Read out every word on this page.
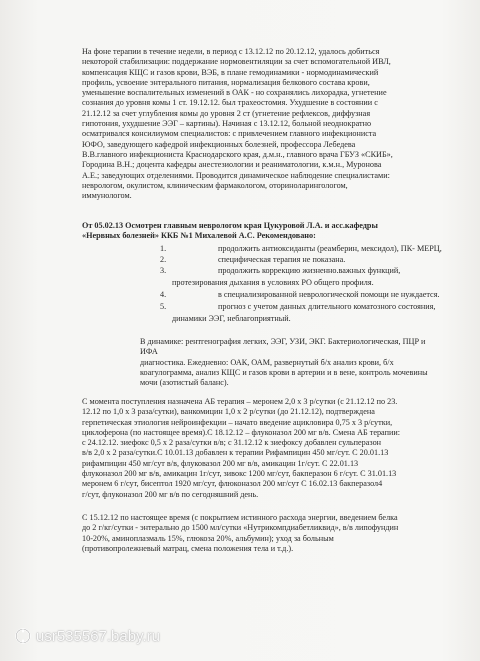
На фоне терапии в течение недели, в период с 13.12.12 по 20.12.12, удалось добиться
некоторой стабилизации: поддержание нормовентиляции за счет вспомогательной ИВЛ,
компенсация КЩС и газов крови, ВЭБ, в плане гемодинамики - нормодинамический
профиль, усвоение энтерального питания, нормализация белкового состава крови,
уменьшение воспалительных изменений в ОАК - но сохранялись лихорадка, угнетение
сознания до уровня комы 1 ст. 19.12.12. был трахеостомия. Ухудшение в состоянии с
21.12.12 за счет углубления комы до уровня 2 ст (угнетение рефлексов, диффузная
гипотония, ухудшение ЭЭГ – картины). Начиная с 13.12.12, больной неоднократно
осматривался консилиумом специалистов: с привлечением главного инфекциониста
ЮФО, заведующего кафедрой инфекционных болезней, профессора Лебедева
В.В.главного инфекциониста Краснодарского края, д.м.н., главного врача ГБУЗ «СКИБ»,
Городина В.Н.; доцента кафедры анестезиологии и реаниматологии, к.м.н., Муронова
А.Е.; заведующих отделениями. Проводится динамическое наблюдение специалистами:
неврологом, окулистом, клиническим фармакологом, оториноларингологом,
иммунологом.
От 05.02.13 Осмотрен главным неврологом края Цукуровой Л.А. и асс.кафедры
«Нервных болезней» ККБ №1 Михалевой А.С. Рекомендовано:
1.	продолжить антиоксиданты (реамберин, мексидол), ПК- МЕРЦ,
2.	специфическая терапия не показана.
3.	продолжить коррекцию жизненно.важных функций,
протезирования дыхания в условиях РО общего профиля.
4.	в специализированной неврологической помощи не нуждается.
5.	прогноз с учетом данных длительного коматозного состояния,
динамики ЭЭГ, неблагоприятный.
В динамике: рентгенография легких, ЭЭГ, УЗИ, ЭКГ. Бактериологическая, ПЦР и
ИФА
диагностика. Ежедневно: ОАК, ОАМ, развернутый б/х анализ крови, б/х
коагулограмма, анализ КЩС и газов крови в артерии и в вене, контроль мочевины
мочи (азотистый баланс).
С момента поступления назначена АБ терапия – меронем 2,0 x 3 р/сутки (с 21.12.12 по 23.
12.12 по 1,0 x 3 раза/сутки), ванкомицин 1,0 x 2 р/сутки (до 21.12.12), подтверждена
герпетическая этиология нейроинфекции – начато введение ацикловира 0,75 x 3 р/сутки,
циклоферона (по настоящее время).С 18.12.12 – флуконазол 200 мг в/в. Смена АБ терапии:
с 24.12.12. зиефокс 0,5 x 2 раза/сутки в/в; с 31.12.12 к зиефоксу добавлен сульперазон
в/в 2,0 x 2 раза/сутки.С 10.01.13 добавлен к терапии Рифампицин 450 мг/сут. С 20.01.13
рифампицин 450 мг/сут в/в, флуковазол 200 мг в/в, амикацин 1г/сут. С 22.01.13
флуконазол 200 мг в/в, амикацин 1г/сут, зивокс 1200 мг/сут, бакперазон 6 г/сут. С 31.01.13
меронем 6 г/сут, бисептол 1920 мг/сут, флюконазол 200 мг/сут С 16.02.13 бакперазол4
г/сут, флуконазол 200 мг в/в по сегодняшний день.
С 15.12.12 по настоящее время (с покрытием истинного расхода энергии, введением белка
до 2 г/кг/сутки - энтерально до 1500 мл/сутки «Нутрикомпдиабетликвид», в/в липофундин
10-20%, аминоплазмаль 15%, глюкоза 20%, альбумин); уход за больным
(противопролежневый матрац, смена положения тела и т.д.).
usr535567.baby.ru
